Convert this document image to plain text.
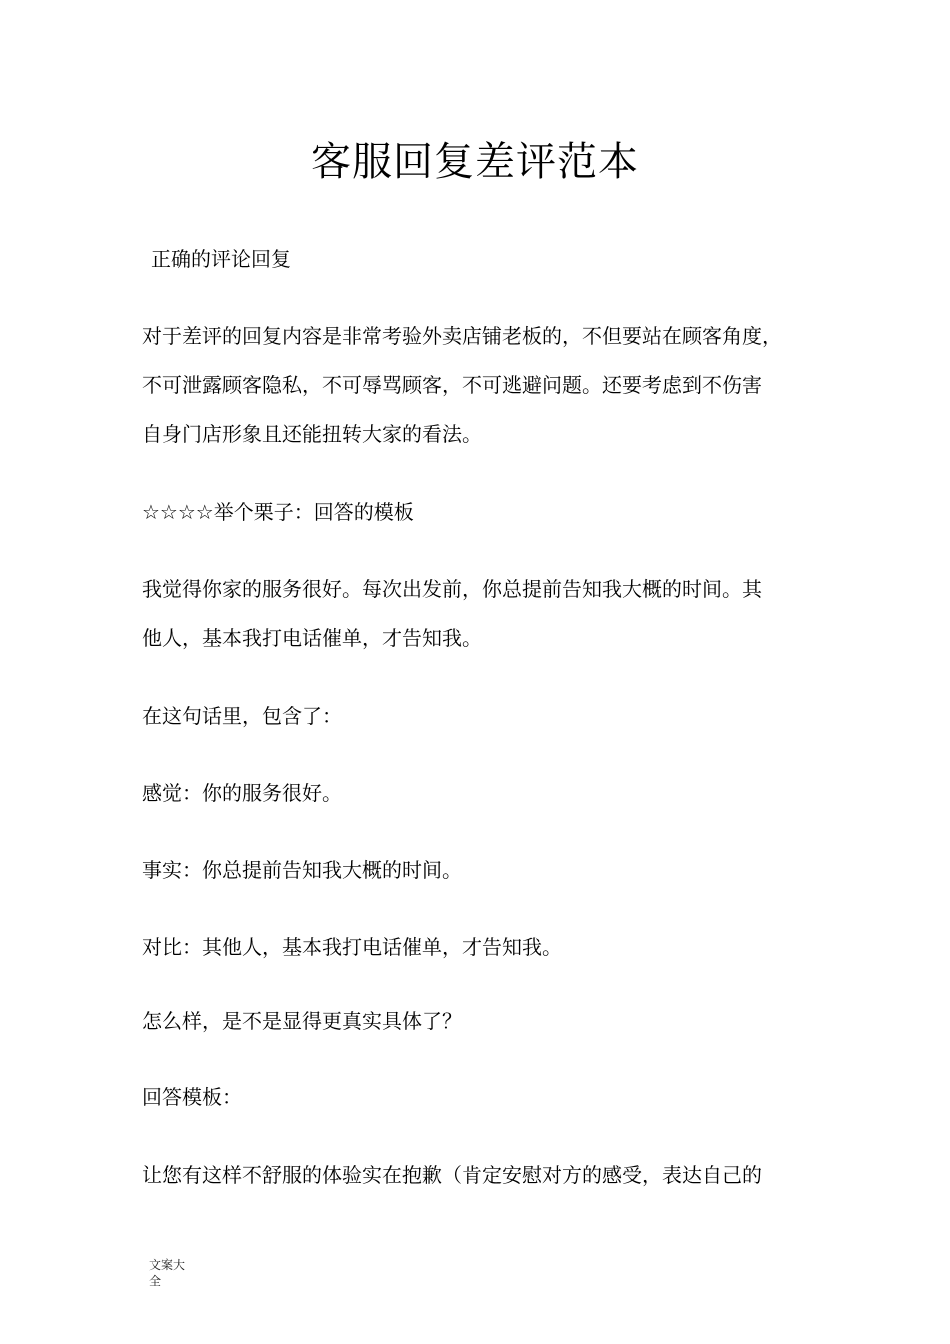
客服回复差评范本

正确的评论回复

对于差评的回复内容是非常考验外卖店铺老板的，不但要站在顾客角度，
不可泄露顾客隐私，不可辱骂顾客，不可逃避问题。还要考虑到不伤害
自身门店形象且还能扭转大家的看法。

☆☆☆☆举个栗子：回答的模板

我觉得你家的服务很好。每次出发前，你总提前告知我大概的时间。其
他人，基本我打电话催单，才告知我。

在这句话里，包含了：

感觉：你的服务很好。

事实：你总提前告知我大概的时间。

对比：其他人，基本我打电话催单，才告知我。

怎么样，是不是显得更真实具体了？

回答模板：

让您有这样不舒服的体验实在抱歉（肯定安慰对方的感受，表达自己的

文案大
全
